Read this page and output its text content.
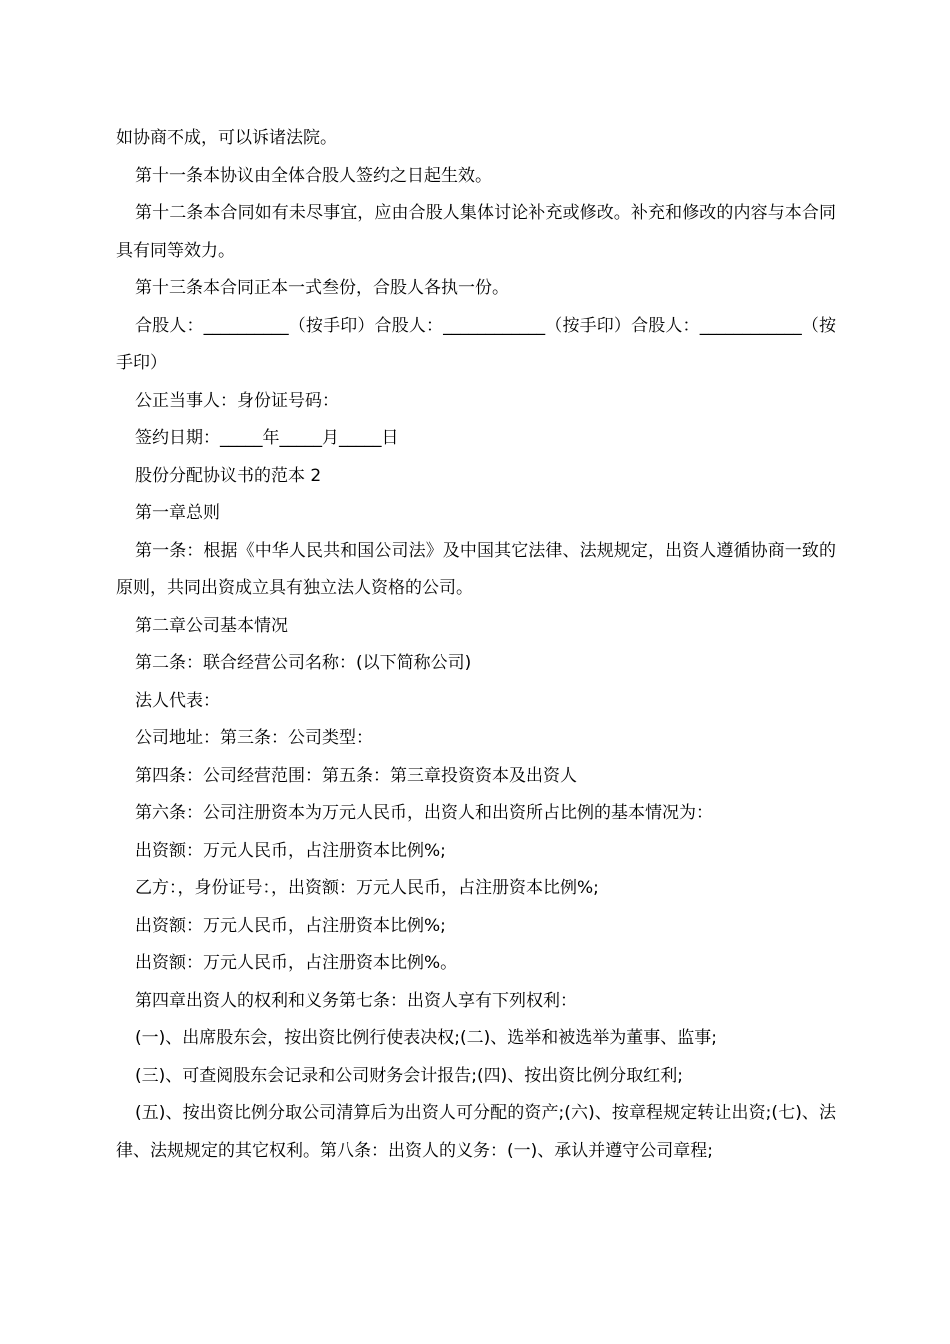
如协商不成，可以诉诸法院。

第十一条本协议由全体合股人签约之日起生效。

第十二条本合同如有未尽事宜，应由合股人集体讨论补充或修改。补充和修改的内容与本合同具有同等效力。

第十三条本合同正本一式叁份，合股人各执一份。

合股人：__________（按手印）合股人：____________（按手印）合股人：____________（按手印）

公正当事人：身份证号码：

签约日期：_____年_____月_____日

股份分配协议书的范本 2

第一章总则

第一条：根据《中华人民共和国公司法》及中国其它法律、法规规定，出资人遵循协商一致的原则，共同出资成立具有独立法人资格的公司。

第二章公司基本情况

第二条：联合经营公司名称：(以下简称公司)

法人代表：

公司地址：第三条：公司类型：

第四条：公司经营范围：第五条：第三章投资资本及出资人

第六条：公司注册资本为万元人民币，出资人和出资所占比例的基本情况为：

出资额：万元人民币，占注册资本比例%;

乙方：，身份证号：，出资额：万元人民币，占注册资本比例%;

出资额：万元人民币，占注册资本比例%;

出资额：万元人民币，占注册资本比例%。

第四章出资人的权利和义务第七条：出资人享有下列权利：

(一)、出席股东会，按出资比例行使表决权;(二)、选举和被选举为董事、监事;

(三)、可查阅股东会记录和公司财务会计报告;(四)、按出资比例分取红利;

(五)、按出资比例分取公司清算后为出资人可分配的资产;(六)、按章程规定转让出资;(七)、法律、法规规定的其它权利。第八条：出资人的义务：(一)、承认并遵守公司章程;
